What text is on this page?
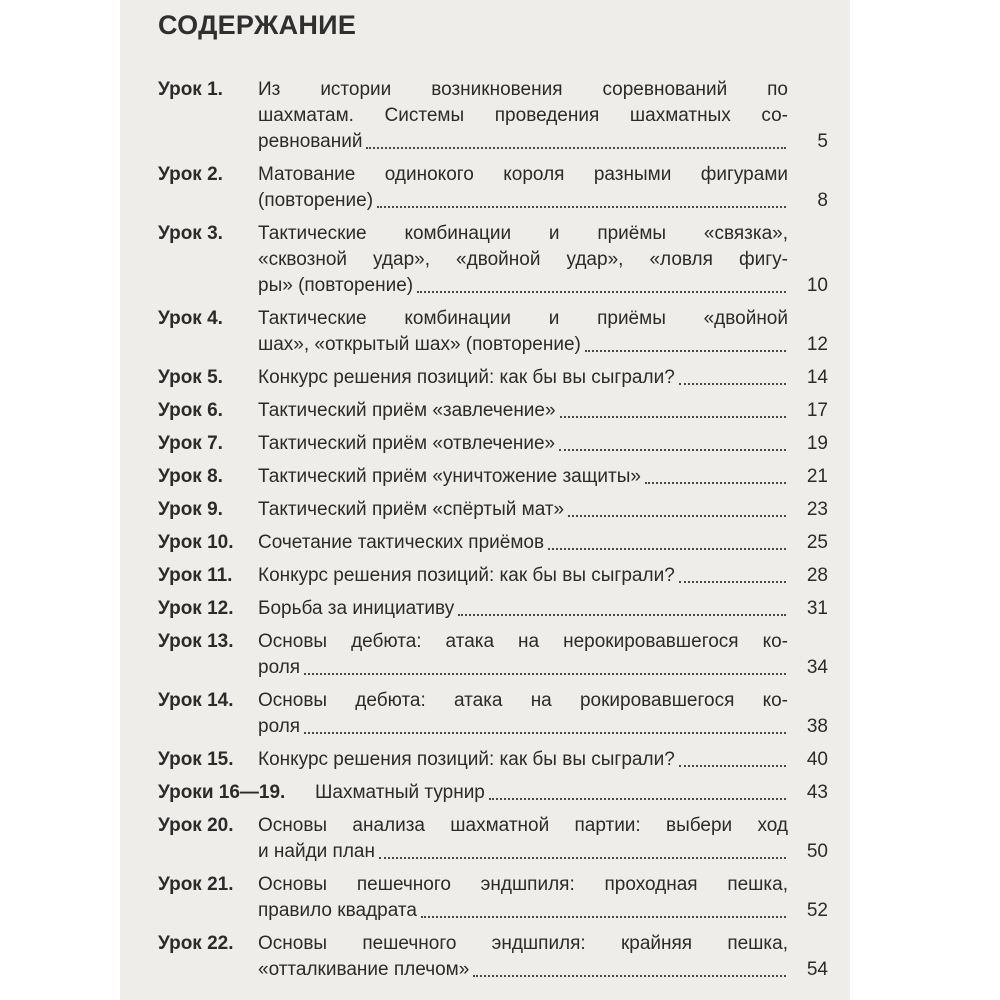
СОДЕРЖАНИЕ
Урок 1. Из истории возникновения соревнований по
шахматам. Системы проведения шахматных со-
ревнований	5
Урок 2. Матование одинокого короля разными фигурами
(повторение)	8
Урок 3. Тактические комбинации и приёмы «связка»,
«сквозной удар», «двойной удар», «ловля фигу-
ры» (повторение)	10
Урок 4. Тактические комбинации и приёмы «двойной
шах», «открытый шах» (повторение)	12
Урок 5. Конкурс решения позиций: как бы вы сыграли?	14
Урок 6. Тактический приём «завлечение»	17
Урок 7. Тактический приём «отвлечение»	19
Урок 8. Тактический приём «уничтожение защиты»	21
Урок 9. Тактический приём «спёртый мат»	23
Урок 10. Сочетание тактических приёмов	25
Урок 11. Конкурс решения позиций: как бы вы сыграли?	28
Урок 12. Борьба за инициативу	31
Урок 13. Основы дебюта: атака на нерокировавшегося ко-
роля	34
Урок 14. Основы дебюта: атака на рокировавшегося ко-
роля	38
Урок 15. Конкурс решения позиций: как бы вы сыграли?	40
Уроки 16—19. Шахматный турнир	43
Урок 20. Основы анализа шахматной партии: выбери ход
и найди план	50
Урок 21. Основы пешечного эндшпиля: проходная пешка,
правило квадрата	52
Урок 22. Основы пешечного эндшпиля: крайняя пешка,
«отталкивание плечом»	54
